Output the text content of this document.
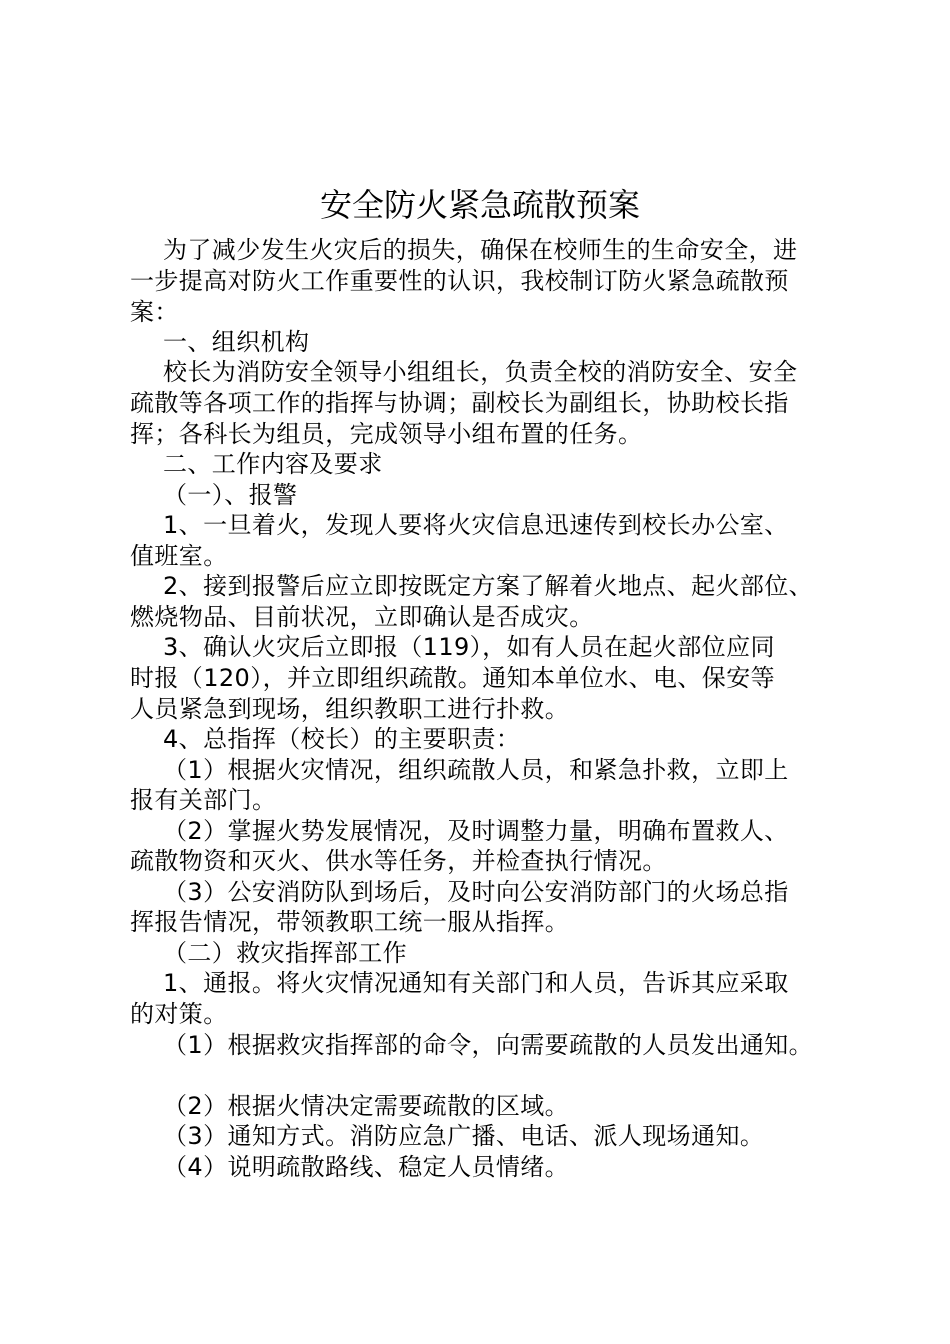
安全防火紧急疏散预案
为了减少发生火灾后的损失，确保在校师生的生命安全，进
一步提高对防火工作重要性的认识，我校制订防火紧急疏散预
案：
一、组织机构
校长为消防安全领导小组组长，负责全校的消防安全、安全
疏散等各项工作的指挥与协调；副校长为副组长，协助校长指
挥；各科长为组员，完成领导小组布置的任务。
二、工作内容及要求
（一）、报警
1、一旦着火，发现人要将火灾信息迅速传到校长办公室、
值班室。
2、接到报警后应立即按既定方案了解着火地点、起火部位、
燃烧物品、目前状况，立即确认是否成灾。
3、确认火灾后立即报（119），如有人员在起火部位应同
时报（120），并立即组织疏散。通知本单位水、电、保安等
人员紧急到现场，组织教职工进行扑救。
4、总指挥（校长）的主要职责：
（1）根据火灾情况，组织疏散人员，和紧急扑救，立即上
报有关部门。
（2）掌握火势发展情况，及时调整力量，明确布置救人、
疏散物资和灭火、供水等任务，并检查执行情况。
（3）公安消防队到场后，及时向公安消防部门的火场总指
挥报告情况，带领教职工统一服从指挥。
（二）救灾指挥部工作
1、通报。将火灾情况通知有关部门和人员，告诉其应采取
的对策。
（1）根据救灾指挥部的命令，向需要疏散的人员发出通知。
（2）根据火情决定需要疏散的区域。
（3）通知方式。消防应急广播、电话、派人现场通知。
（4）说明疏散路线、稳定人员情绪。
